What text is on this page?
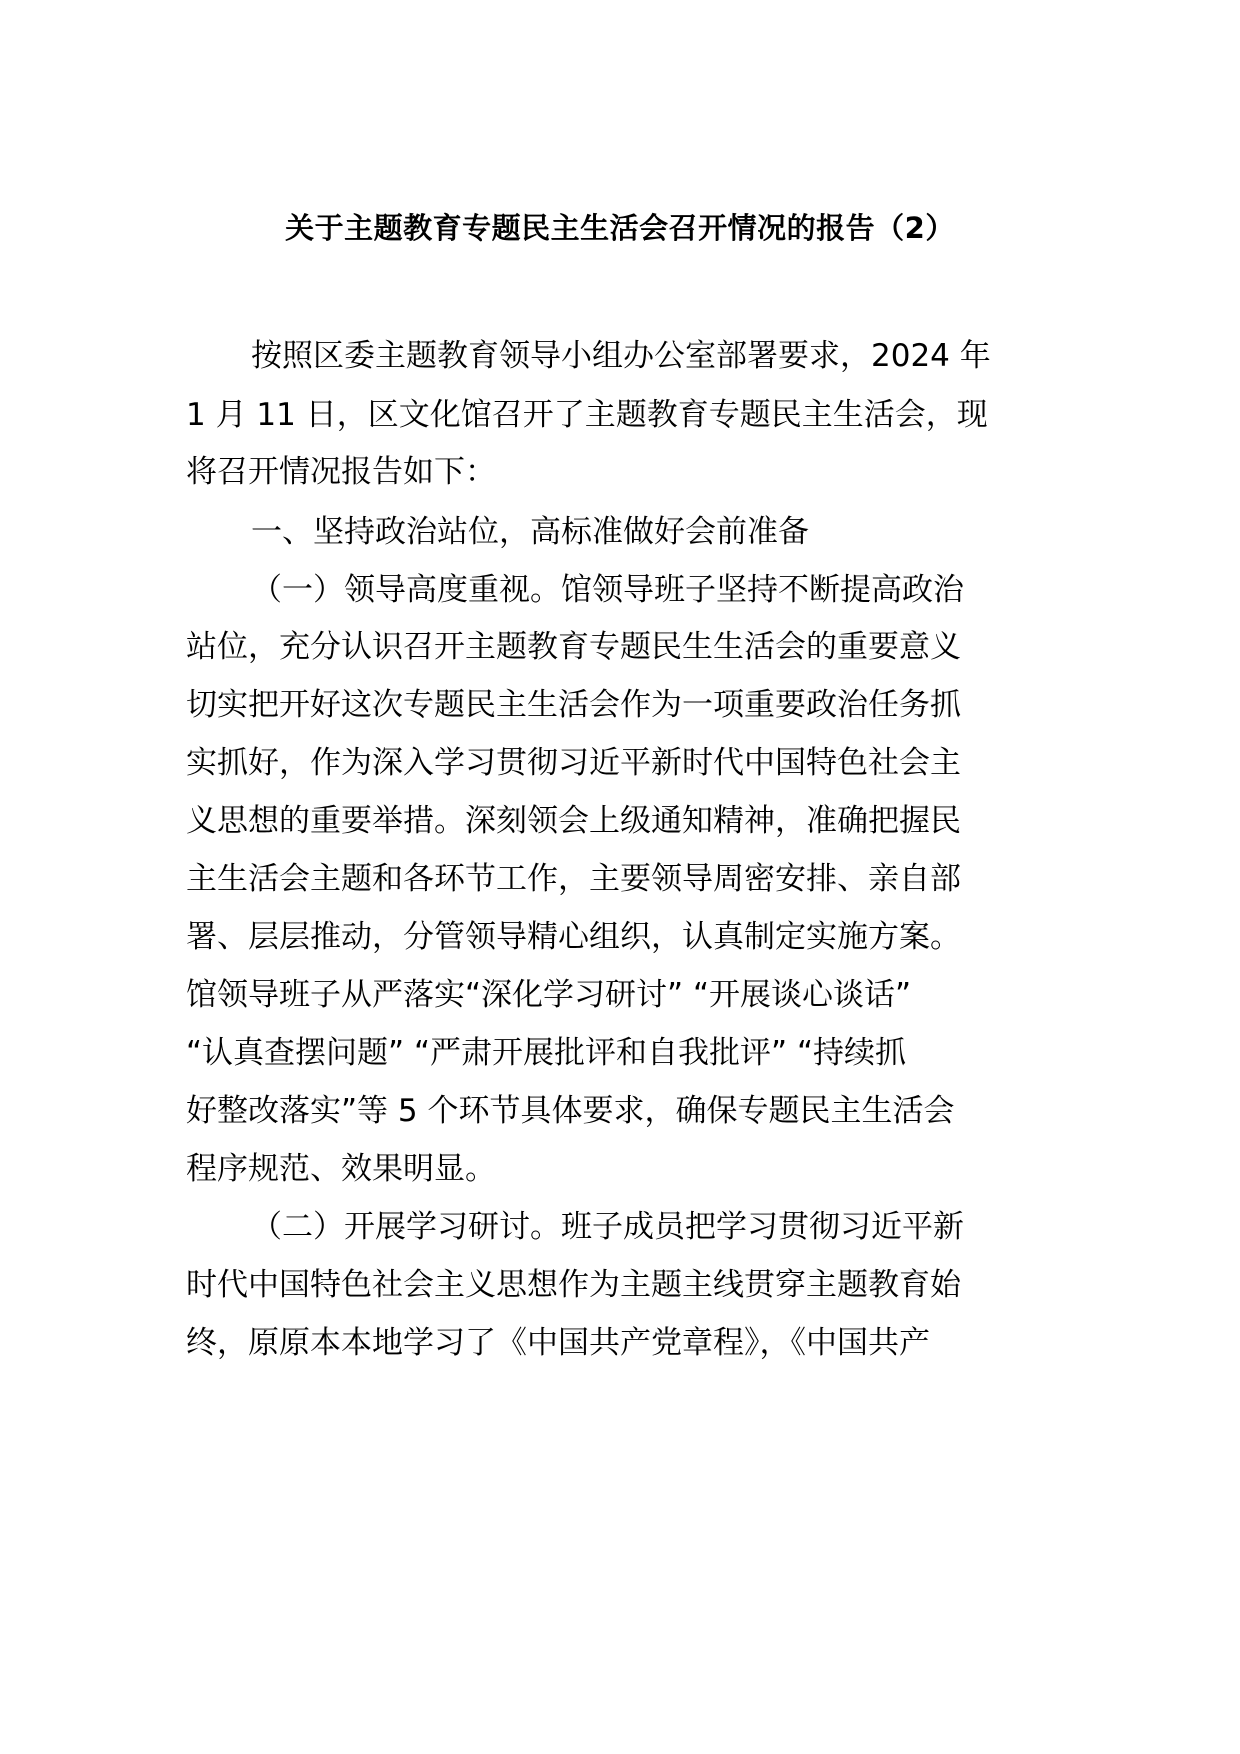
关于主题教育专题民主生活会召开情况的报告（2）
按照区委主题教育领导小组办公室部署要求，2024 年
1 月 11 日，区文化馆召开了主题教育专题民主生活会，现
将召开情况报告如下：
一、坚持政治站位，高标准做好会前准备
（一）领导高度重视。馆领导班子坚持不断提高政治
站位，充分认识召开主题教育专题民生生活会的重要意义
切实把开好这次专题民主生活会作为一项重要政治任务抓
实抓好，作为深入学习贯彻习近平新时代中国特色社会主
义思想的重要举措。深刻领会上级通知精神，准确把握民
主生活会主题和各环节工作，主要领导周密安排、亲自部
署、层层推动，分管领导精心组织，认真制定实施方案。
馆领导班子从严落实“深化学习研讨” “开展谈心谈话”
“认真查摆问题” “严肃开展批评和自我批评” “持续抓
好整改落实”等 5 个环节具体要求，确保专题民主生活会
程序规范、效果明显。
（二）开展学习研讨。班子成员把学习贯彻习近平新
时代中国特色社会主义思想作为主题主线贯穿主题教育始
终，原原本本地学习了《中国共产党章程》，《中国共产
